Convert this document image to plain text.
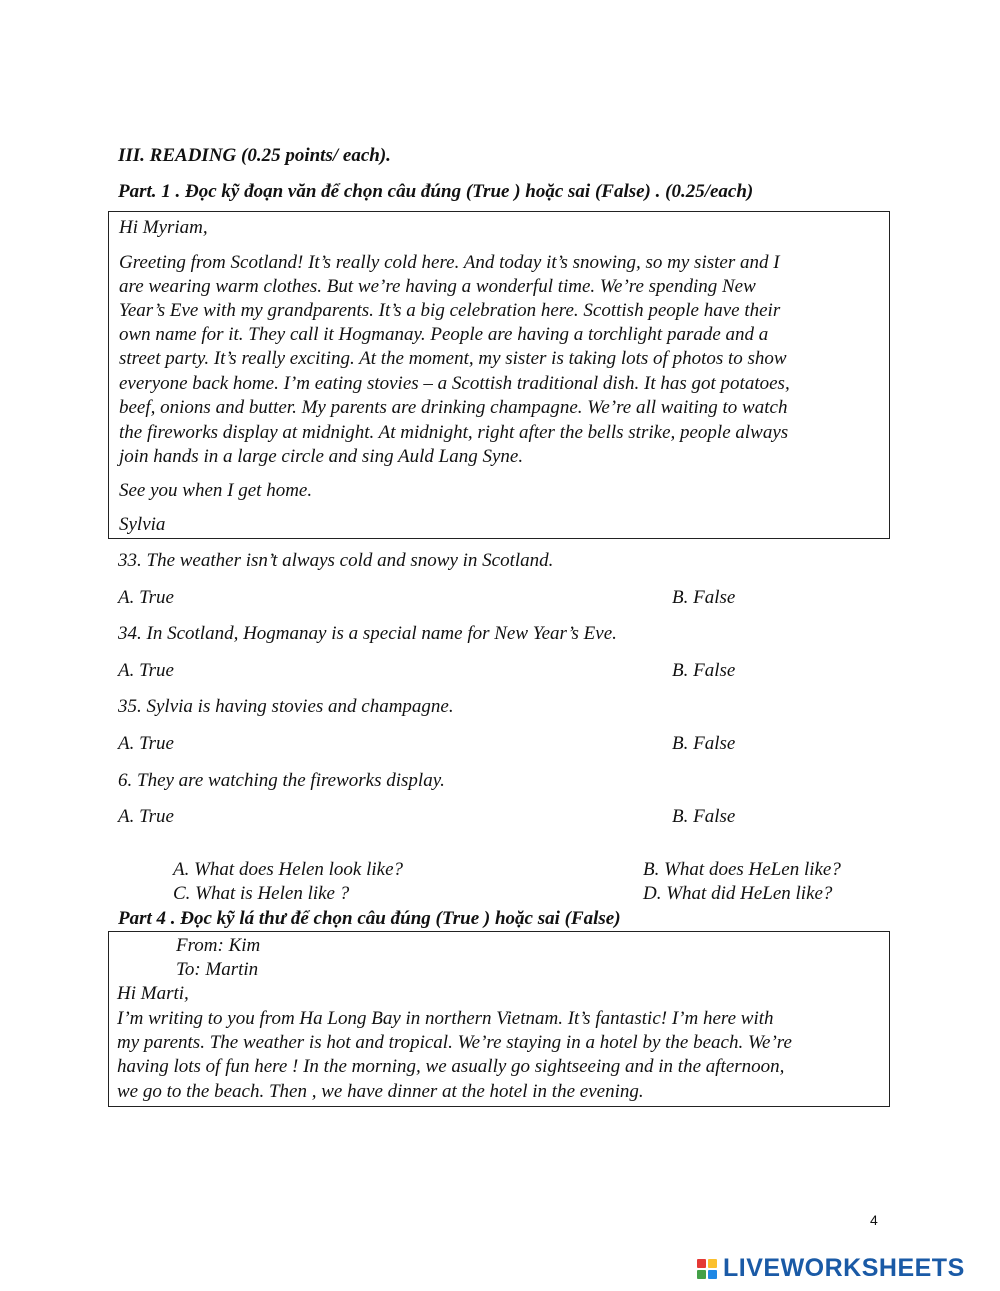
III. READING (0.25 points/ each).
Part. 1 . Đọc kỹ đoạn văn để chọn câu đúng (True ) hoặc sai (False) . (0.25/each)
Hi Myriam,
Greeting from Scotland! It’s really cold here. And today it’s snowing, so my sister and I
are wearing warm clothes. But we’re having a wonderful time. We’re spending New
Year’s Eve with my grandparents. It’s a big celebration here. Scottish people have their
own name for it. They call it Hogmanay. People are having a torchlight parade and a
street party. It’s really exciting. At the moment, my sister is taking lots of photos to show
everyone back home. I’m eating stovies – a Scottish traditional dish. It has got potatoes,
beef, onions and butter. My parents are drinking champagne. We’re all waiting to watch
the fireworks display at midnight. At midnight, right after the bells strike, people always
join hands in a large circle and sing Auld Lang Syne.
See you when I get home.
Sylvia
33. The weather isn’t always cold and snowy in Scotland.
A. True	B. False
34. In Scotland, Hogmanay is a special name for New Year’s Eve.
A. True	B. False
35. Sylvia is having stovies and champagne.
A. True	B. False
6. They are watching the fireworks display.
A. True	B. False
A. What does Helen look like?	B. What does HeLen like?
C. What is Helen like ?	D. What did HeLen like?
Part 4 . Đọc kỹ lá thư để chọn câu đúng (True ) hoặc sai (False)
From: Kim
To: Martin
Hi Marti,
I’m writing to you from Ha Long Bay in northern Vietnam. It’s fantastic! I’m here with
my parents. The weather is hot and tropical. We’re staying in a hotel by the beach. We’re
having lots of fun here ! In the morning, we asually go sightseeing and in the afternoon,
we go to the beach. Then , we have dinner at the hotel in the evening.
4
LIVEWORKSHEETS
